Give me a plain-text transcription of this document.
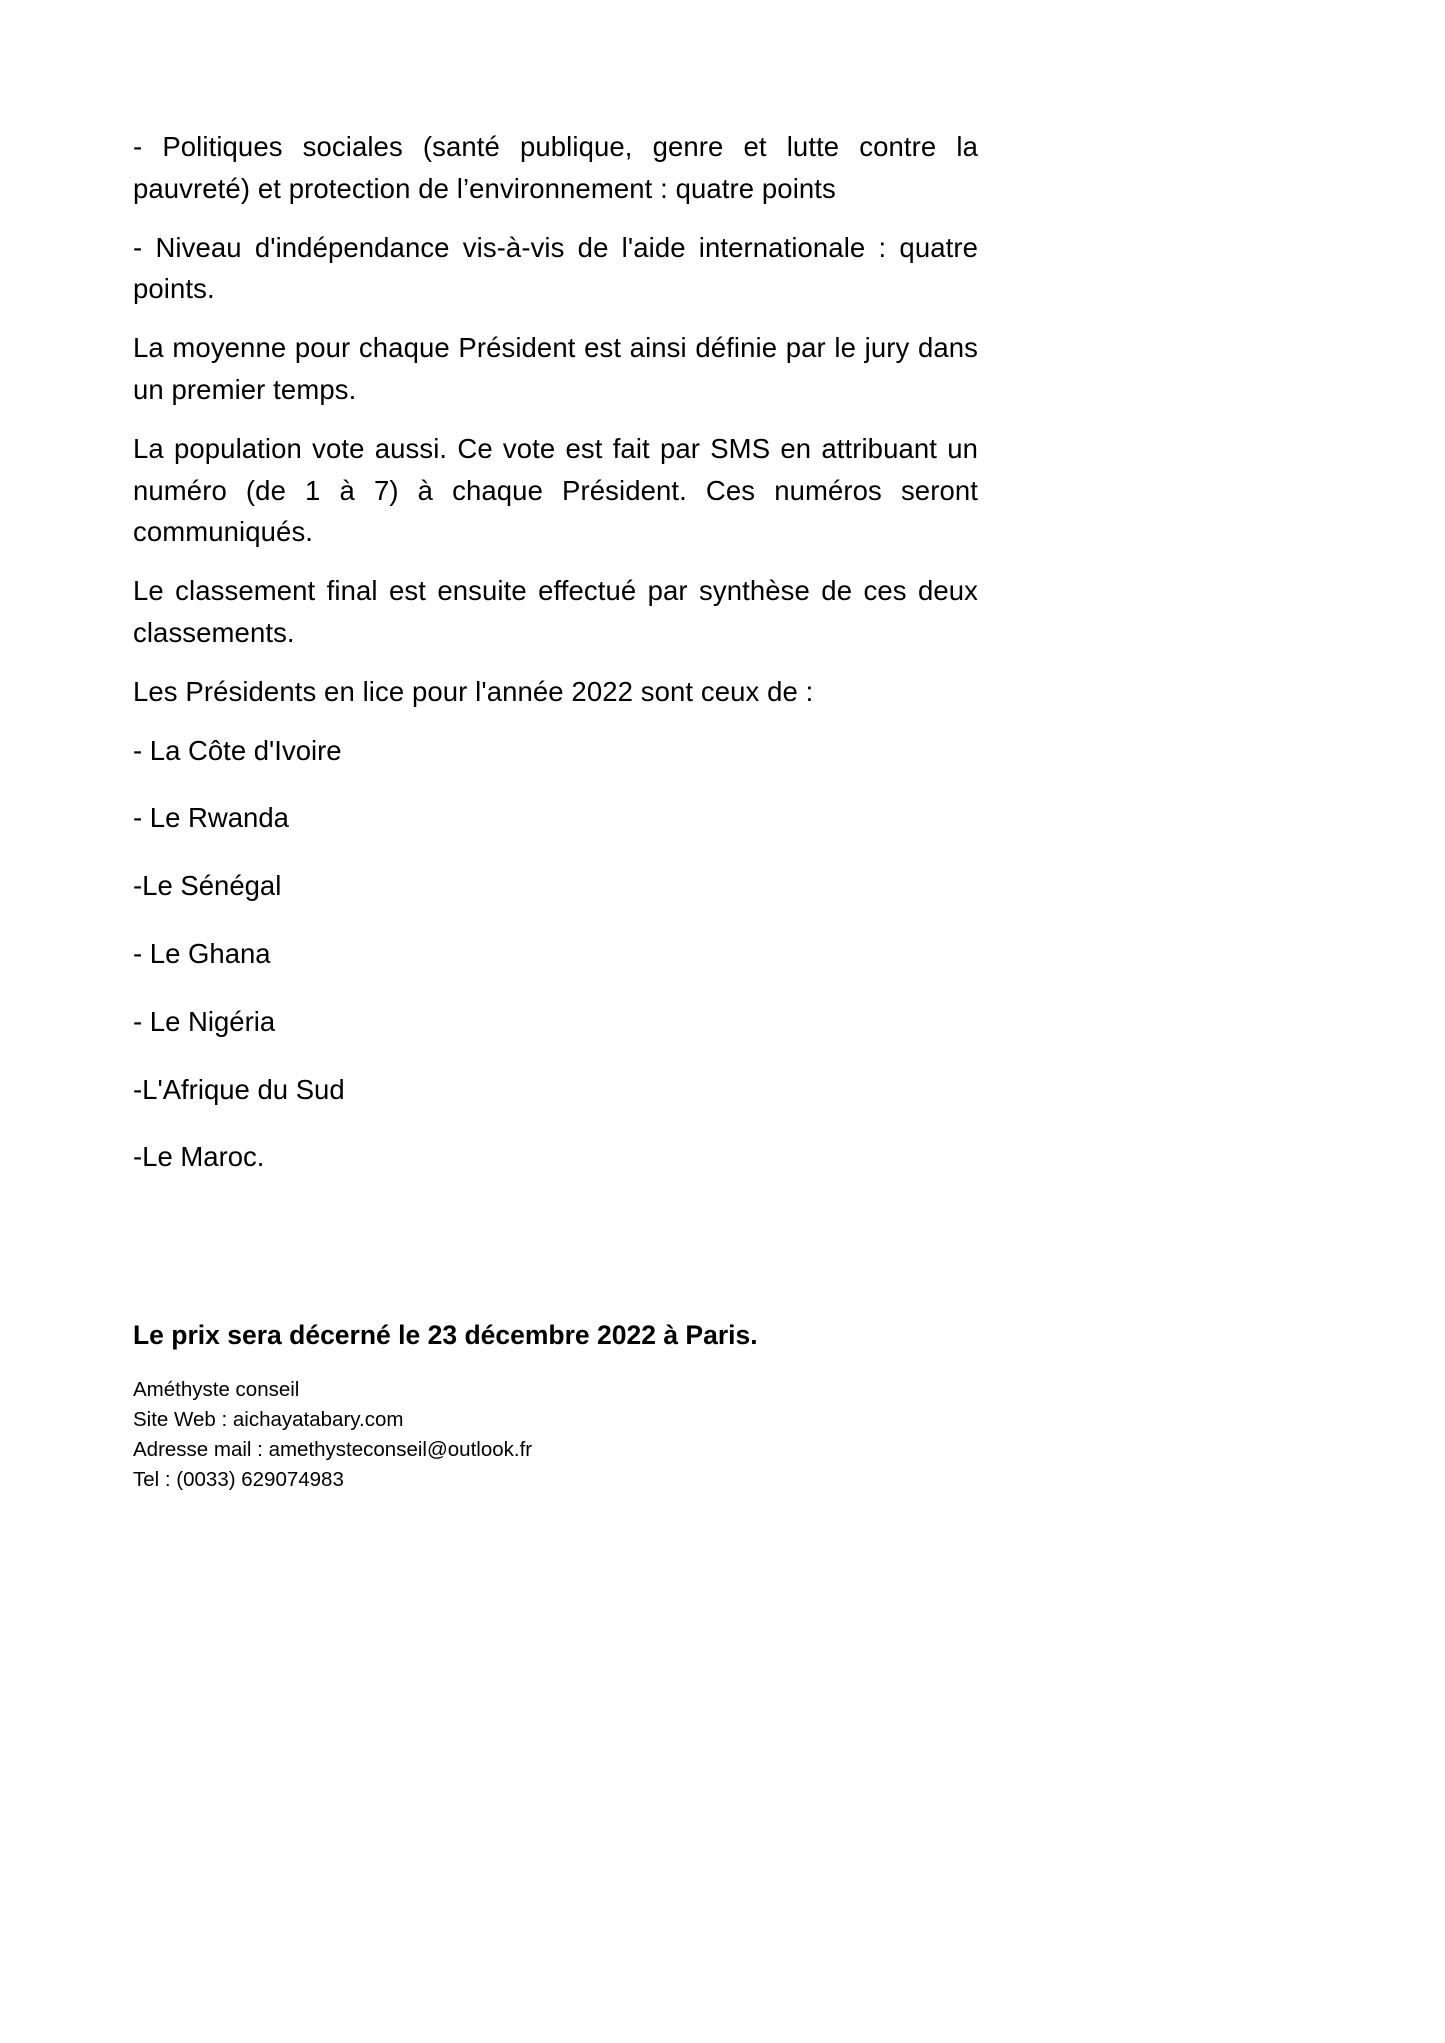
- Politiques sociales (santé publique, genre et lutte contre la pauvreté) et protection de l’environnement : quatre points

- Niveau d'indépendance vis-à-vis de l'aide internationale : quatre points.

La moyenne pour chaque Président est ainsi définie par le jury dans un premier temps.

La population vote aussi. Ce vote est fait par SMS en attribuant un numéro (de 1 à 7) à chaque Président. Ces numéros seront communiqués.

Le classement final est ensuite effectué par synthèse de ces deux classements.

Les Présidents en lice pour l'année 2022 sont ceux de :

- La Côte d'Ivoire

- Le Rwanda

-Le Sénégal

- Le Ghana

- Le Nigéria

-L'Afrique du Sud

-Le Maroc.

Le prix sera décerné le 23 décembre 2022 à Paris.

Améthyste conseil

Site Web : aichayatabary.com

Adresse mail : amethysteconseil@outlook.fr

Tel : (0033) 629074983
